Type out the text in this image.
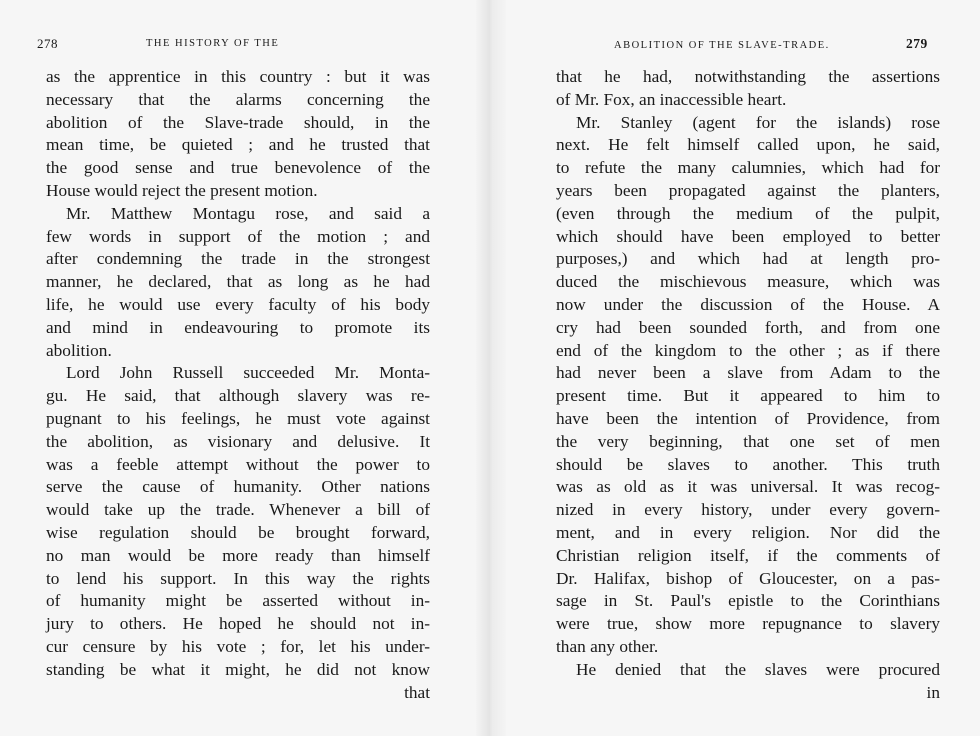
278	THE HISTORY OF THE
as the apprentice in this country : but it was
necessary that the alarms concerning the
abolition of the Slave-trade should, in the
mean time, be quieted ; and he trusted that
the good sense and true benevolence of the
House would reject the present motion.
Mr. Matthew Montagu rose, and said a
few words in support of the motion ; and
after condemning the trade in the strongest
manner, he declared, that as long as he had
life, he would use every faculty of his body
and mind in endeavouring to promote its
abolition.
Lord John Russell succeeded Mr. Monta-
gu. He said, that although slavery was re-
pugnant to his feelings, he must vote against
the abolition, as visionary and delusive. It
was a feeble attempt without the power to
serve the cause of humanity. Other nations
would take up the trade. Whenever a bill of
wise regulation should be brought forward,
no man would be more ready than himself
to lend his support. In this way the rights
of humanity might be asserted without in-
jury to others. He hoped he should not in-
cur censure by his vote ; for, let his under-
standing be what it might, he did not know
that
ABOLITION OF THE SLAVE-TRADE.	279
that he had, notwithstanding the assertions
of Mr. Fox, an inaccessible heart.
Mr. Stanley (agent for the islands) rose
next. He felt himself called upon, he said,
to refute the many calumnies, which had for
years been propagated against the planters,
(even through the medium of the pulpit,
which should have been employed to better
purposes,) and which had at length pro-
duced the mischievous measure, which was
now under the discussion of the House. A
cry had been sounded forth, and from one
end of the kingdom to the other ; as if there
had never been a slave from Adam to the
present time. But it appeared to him to
have been the intention of Providence, from
the very beginning, that one set of men
should be slaves to another. This truth
was as old as it was universal. It was recog-
nized in every history, under every govern-
ment, and in every religion. Nor did the
Christian religion itself, if the comments of
Dr. Halifax, bishop of Gloucester, on a pas-
sage in St. Paul's epistle to the Corinthians
were true, show more repugnance to slavery
than any other.
He denied that the slaves were procured
in
